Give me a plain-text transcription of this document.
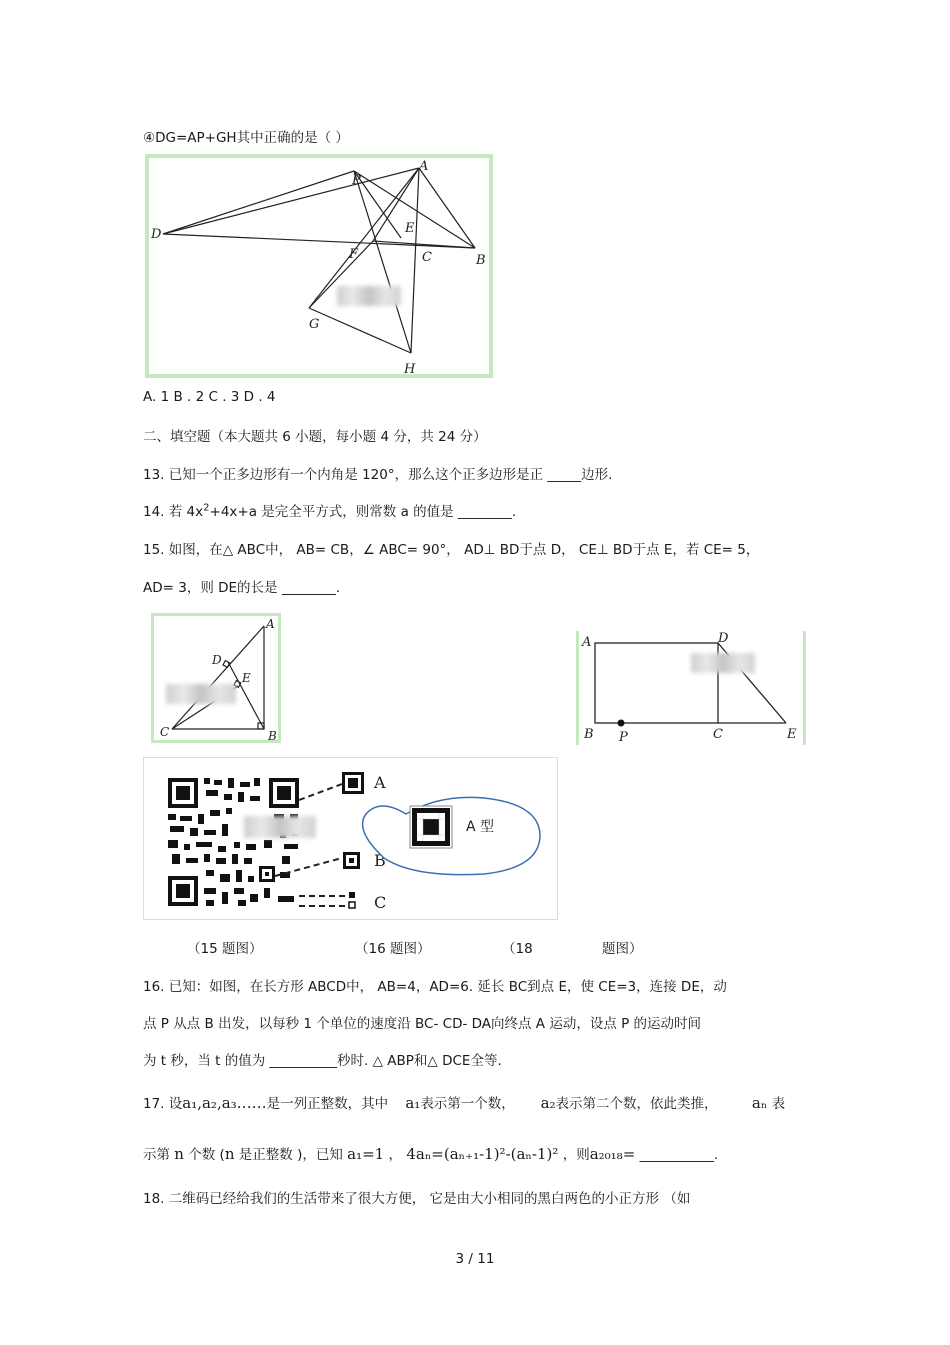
④DG=AP+GH其中正确的是（ ）
A
P
D	E
F	C	B
G
H
A. 1 B . 2 C . 3 D . 4
二、填空题（本大题共 6 小题，每小题 4 分，共 24 分）
13. 已知一个正多边形有一个内角是 120°，那么这个正多边形是正 _____边形.
14. 若 $4x^2+4x+a$ 是完全平方式，则常数 a 的值是 ________.
15. 如图，在△ ABC中， AB= CB，∠ ABC= 90°， AD⊥ BD于点 D， CE⊥ BD于点 E，若 CE= 5，
AD= 3，则 DE的长是 ________.
A
D
E
C	B
A	D
B P	C	E
A
B
C
A 型
（15 题图）	（16 题图）	（18	题图）
16. 已知：如图，在长方形 ABCD中， AB=4，AD=6. 延长 BC到点 E，使 CE=3，连接 DE，动
点 P 从点 B 出发，以每秒 1 个单位的速度沿 BC- CD- DA向终点 A 运动，设点 P 的运动时间
为 t 秒，当 t 的值为 __________秒时. △ ABP和△ DCE全等.
17. 设a₁,a₂,a₃……是一列正整数，其中 a₁表示第一个数， a₂表示第二个数，依此类推， aₙ 表
示第 n 个数 (n 是正整数 )，已知 a₁=1 ， 4aₙ=(aₙ₊₁-1)²-(aₙ-1)² ，则a₂₀₁₈= ___________.
18. 二维码已经给我们的生活带来了很大方便， 它是由大小相同的黑白两色的小正方形 （如
3 / 11
